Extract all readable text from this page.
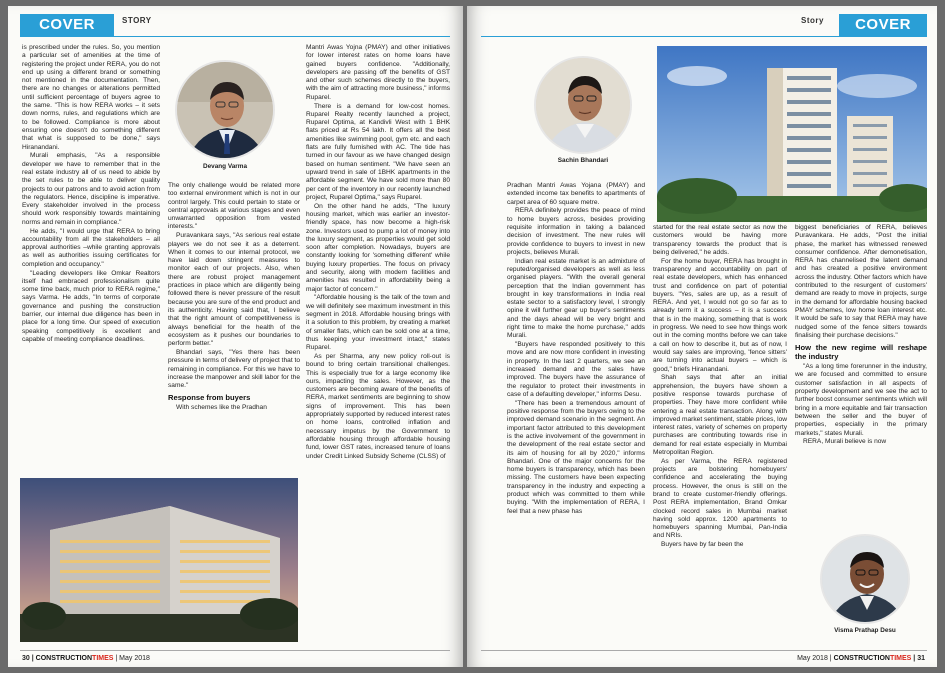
COVER	STORY

is prescribed under the rules. So, you mention a particular set of amenities at the time of registering the project under RERA, you do not end up using a different brand or something not mentioned in the documentation. Then, there are no changes or alterations permitted until sufficient percentage of buyers agree to the same. "This is how RERA works – it sets down norms, rules, and regulations which are to be followed. Compliance is more about ensuring one doesn't do something different that what is supposed to be done," says Hiranandani.

Murali emphasis, "As a responsible developer we have to remember that in the real estate industry all of us need to abide by the set rules to be able to deliver quality projects to our patrons and to avoid action from the regulators. Hence, discipline is imperative. Every stakeholder involved in the process should work responsibly towards maintaining norms and remain in compliance."

He adds, "I would urge that RERA to bring accountability from all the stakeholders – all approval authorities –while granting approvals as well as authorities issuing certificates for completion and occupancy."

"Leading developers like Omkar Realtors itself had embraced professionalism quite some time back, much prior to RERA regime," says Varma. He adds, "In terms of corporate governance and pushing the construction barrier, our internal due diligence has been in place for a long time. Our speed of execution speaking competitively is excellent and capable of meeting compliance deadlines.

Devang Varma

The only challenge would be related more too external environment which is not in our control largely. This could pertain to state or central approvals at various stages and even unwarranted opposition from vested interests."

Puravankara says, "As serious real estate players we do not see it as a deterrent. When it comes to our internal protocol, we have laid down stringent measures to monitor each of our projects. Also, when there are robust project management practices in place which are diligently being followed there is never pressure of the result because you are sure of the end product and its authenticity. Having said that, I believe that the right amount of competitiveness is always beneficial for the health of the ecosystem as it pushes our boundaries to perform better."

Bhandari says, "Yes there has been pressure in terms of delivery of project that to remaining in compliance. For this we have to increase the manpower and skill labor for the same."

Response from buyers

With schemes like the Pradhan

Mantri Awas Yojna (PMAY) and other initiatives for lower interest rates on home loans have gained buyers confidence. "Additionally, developers are passing off the benefits of GST and other such schemes directly to the buyers, with the aim of attracting more business," informs Ruparel.

There is a demand for low-cost homes. Ruparel Realty recently launched a project, Ruparel Optima, at Kandivli West with 1 BHK flats priced at Rs 54 lakh. It offers all the best amenities like swimming pool, gym etc. and each flats are fully furnished with AC. The tide has turned in our favour as we have changed design based on human sentiment. "We have seen an upward trend in sale of 1BHK apartments in the affordable segment. We have sold more than 80 per cent of the inventory in our recently launched project, Ruparel Optima," says Ruparel.

On the other hand he adds, "The luxury housing market, which was earlier an investor-friendly space, has now become a high-risk zone. Investors used to pump a lot of money into the luxury segment, as properties would get sold soon after completion. Nowadays, buyers are constantly looking for 'something different' while buying luxury properties. The focus on privacy and security, along with modern facilities and amenities has resulted in affordability being a major factor of concern."

"Affordable housing is the talk of the town and we will definitely see maximum investment in this segment in 2018. Affordable housing brings with it a solution to this problem, by creating a market of smaller flats, which can be sold one at a time, thus keeping your investment intact," states Ruparel.

As per Sharma, any new policy roll-out is bound to bring certain transitional challenges. This is especially true for a large economy like ours, impacting the sales. However, as the customers are becoming aware of the benefits of RERA, market sentiments are beginning to show signs of improvement. This has been appropriately supported by reduced interest rates on home loans, controlled inflation and necessary impetus by the Government to affordable housing through affordable housing fund, lower GST rates, increased tenure of loans under Credit Linked Subsidy Scheme (CLSS) of

30 | CONSTRUCTIONTIMES | May 2018
Story	COVER
Sachin Bhandari

Pradhan Mantri Awas Yojana (PMAY) and extended income tax benefits to apartments of carpet area of 60 square metre.

RERA definitely provides the peace of mind to home buyers across, besides providing requisite information in taking a balanced decision of investment. The new rules will provide confidence to buyers to invest in new projects, believes Murali.

Indian real estate market is an admixture of reputed/organised developers as well as less organised players. "With the overall general perception that the Indian government has brought in key transformations in India real estate sector to a satisfactory level, I strongly opine it will further gear up buyer's sentiments and the days ahead will be very bright and right time to make the home purchase," adds Murali.

"Buyers have responded positively to this move and are now more confident in investing in property. In the last 2 quarters, we see an increased demand and the sales have improved. The buyers have the assurance of the regulator to protect their investments in case of a defaulting developer," informs Desu.

"There has been a tremendous amount of positive response from the buyers owing to the improved demand scenario in the segment. An important factor attributed to this development is the active involvement of the government in the development of the real estate sector and its aim of housing for all by 2020," informs Bhandari. One of the major concerns for the home buyers is transparency, which has been missing. The customers have been expecting transparency in the industry and expecting a product which was committed to them while buying. "With the implementation of RERA, I feel that a new phase has

started for the real estate sector as now the customers would be having more transparency towards the product that is being delivered," he adds.

For the home buyer, RERA has brought in transparency and accountability on part of real estate developers, which has enhanced trust and confidence on part of potential buyers. "Yes, sales are up, as a result of RERA. And yet, I would not go so far as to already term it a success – it is a success that is in the making, something that is work in progress. We need to see how things work out in the coming months before we can take a call on how to describe it, but as of now, I would say sales are improving, 'fence sitters' are turning into actual buyers – which is good," briefs Hiranandani.

Shah says that after an initial apprehension, the buyers have shown a positive response towards purchase of properties. They have more confident while entering a real estate transaction. Along with improved market sentiment, stable prices, low interest rates, variety of schemes on property purchases are contributing towards rise in demand for real estate especially in Mumbai Metropolitan Region.

As per Varma, the RERA registered projects are bolstering homebuyers' confidence and accelerating the buying process. However, the onus is still on the brand to create customer-friendly offerings. Post RERA implementation, Brand Omkar clocked record sales in Mumbai market having sold approx. 1200 apartments to homebuyers spanning Mumbai, Pan-India and NRIs.

Buyers have by far been the

biggest beneficiaries of RERA, believes Puravankara. He adds, "Post the initial phase, the market has witnessed renewed consumer confidence. After demonetisation, RERA has channelised the latent demand and has created a positive environment across the industry. Other factors which have contributed to the resurgent of customers' demand are ready to move in projects, surge in the demand for affordable housing backed PMAY schemes, low home loan interest etc. It would be safe to say that RERA may have nudged some of the fence sitters towards finalising their purchase decisions."

How the new regime will reshape the industry

"As a long time forerunner in the industry, we are focused and committed to ensure customer satisfaction in all aspects of property development and we see the act to further boost consumer sentiments which will bring in a more equitable and fair transaction between the seller and the buyer of properties, especially in the primary markets," states Murali.

RERA, Murali believe is now

Visma Prathap Desu
May 2018 | CONSTRUCTIONTIMES | 31
